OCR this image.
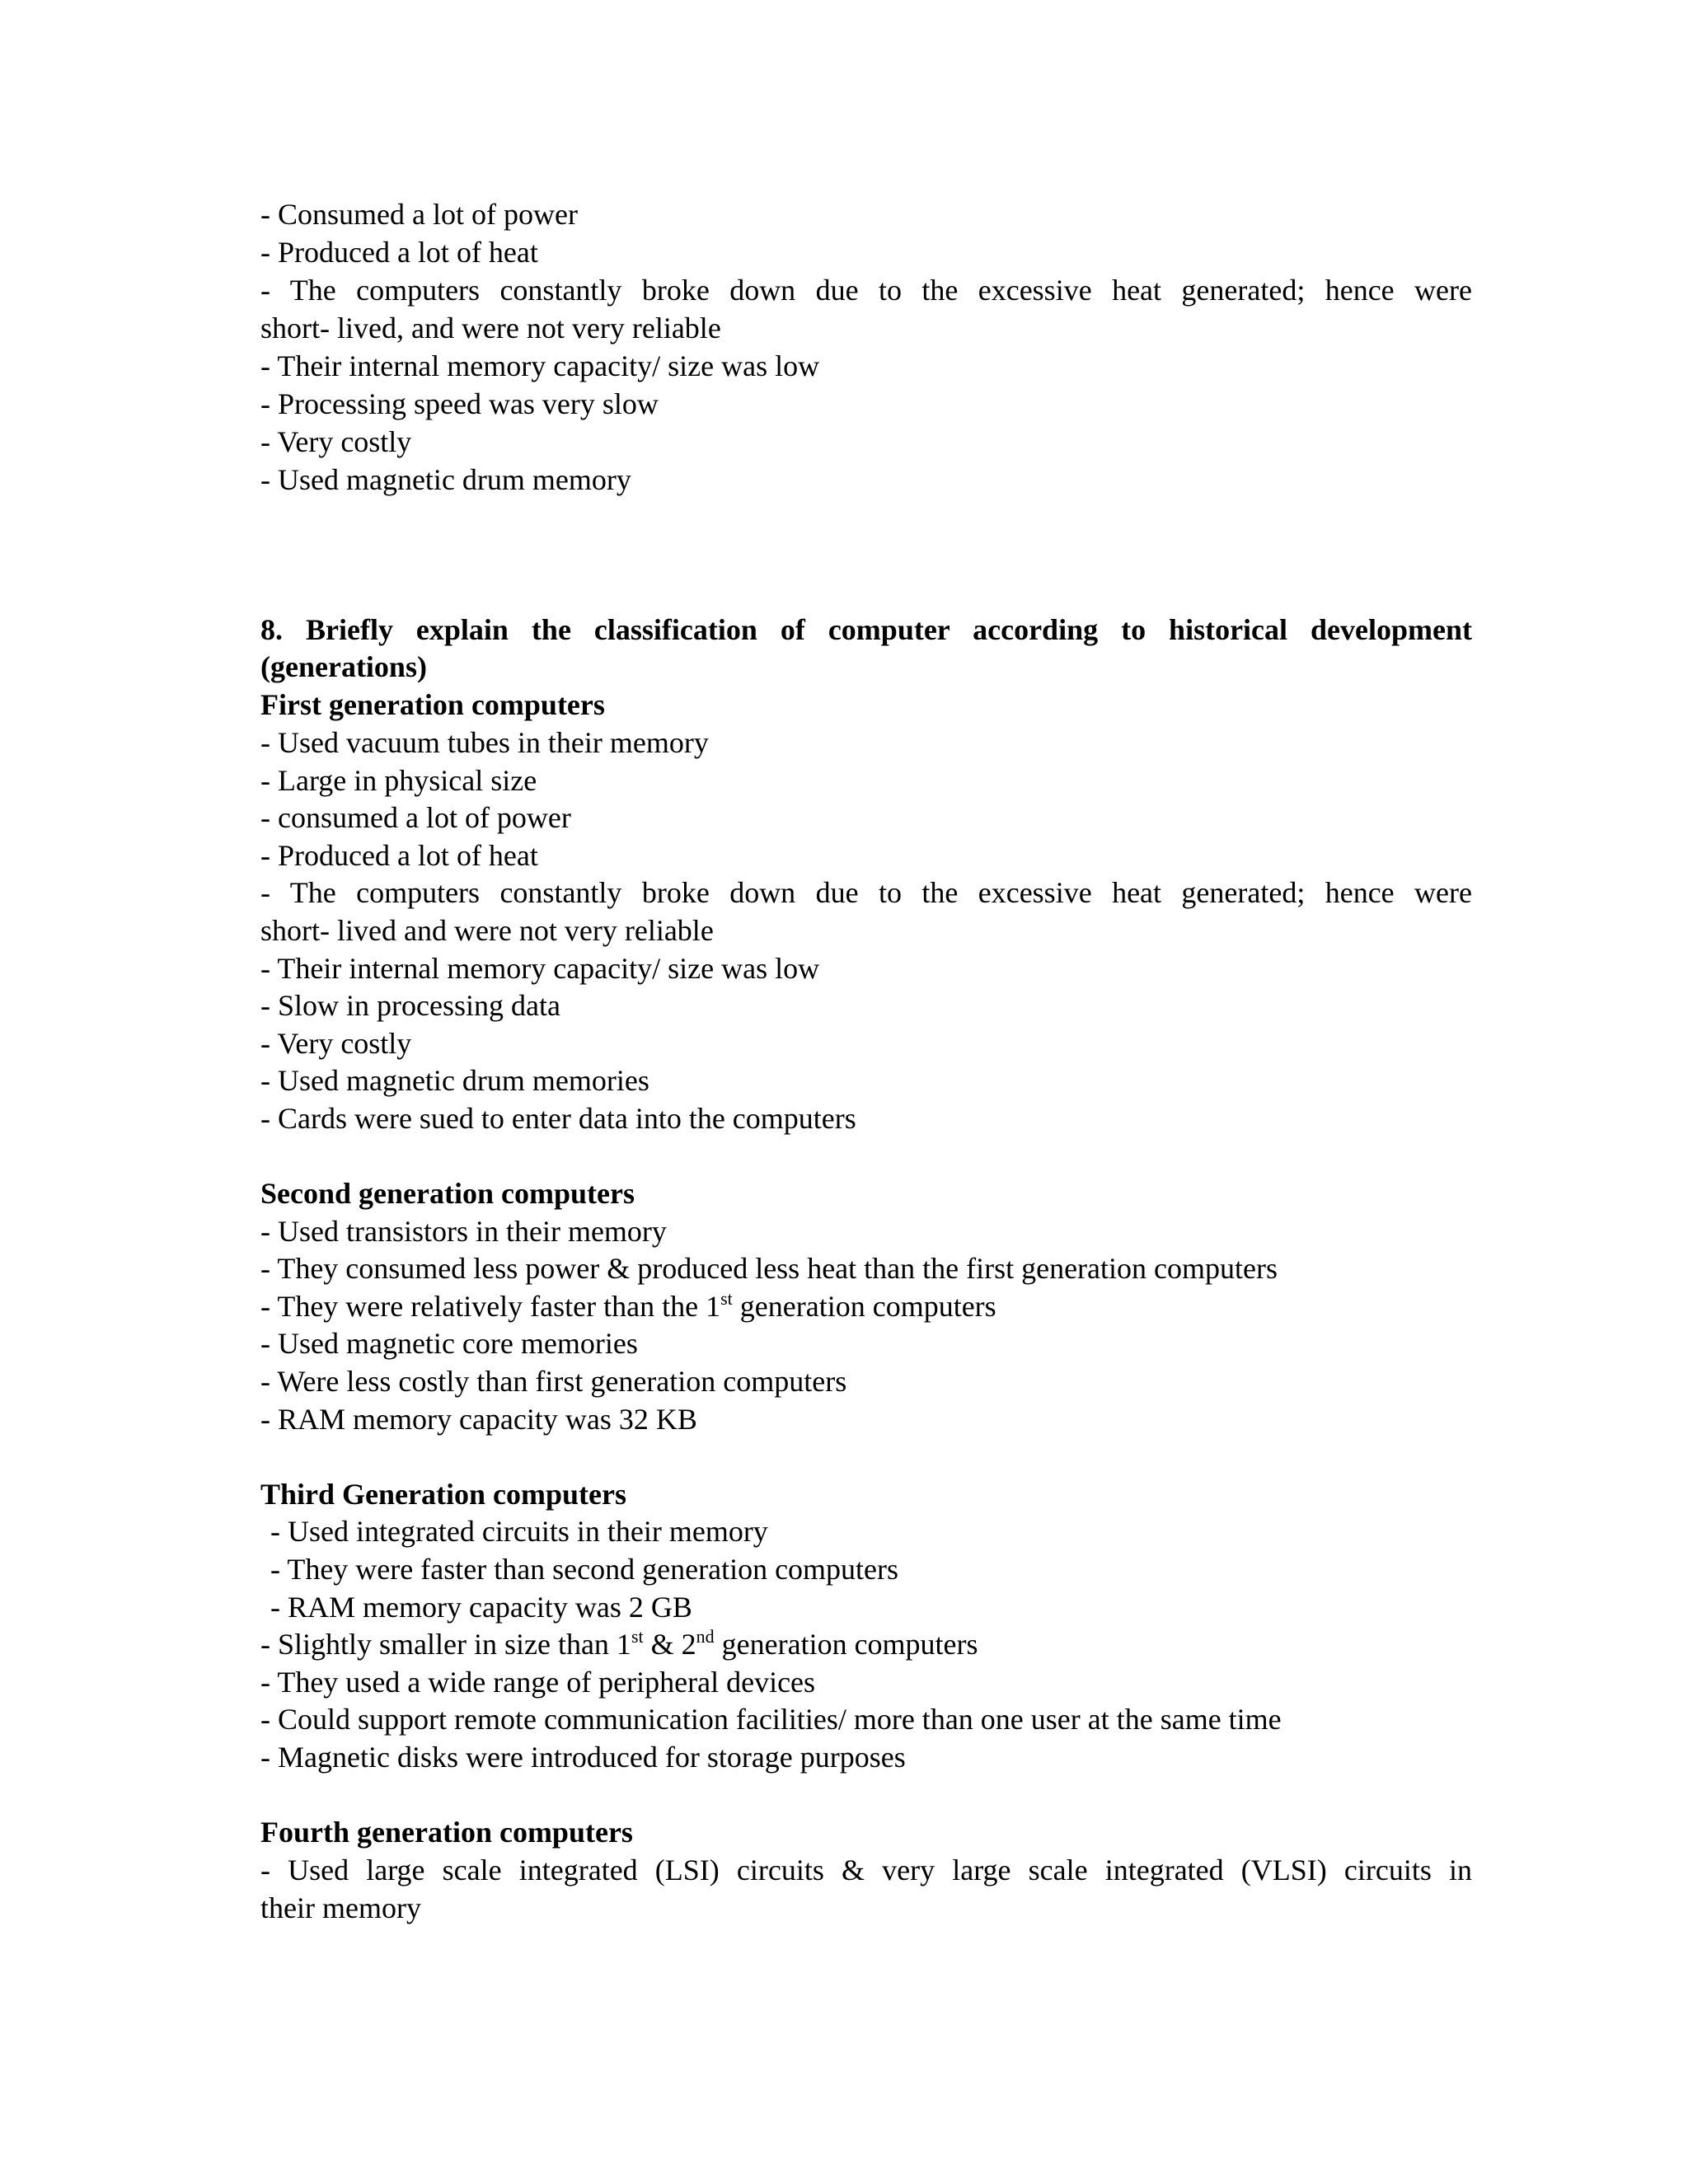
- Consumed a lot of power
- Produced a lot of heat
- The computers constantly broke down due to the excessive heat generated; hence were
short- lived, and were not very reliable
- Their internal memory capacity/ size was low
- Processing speed was very slow
- Very costly
- Used magnetic drum memory
8. Briefly explain the classification of computer according to historical development
(generations)
First generation computers
- Used vacuum tubes in their memory
- Large in physical size
- consumed a lot of power
- Produced a lot of heat
- The computers constantly broke down due to the excessive heat generated; hence were
short- lived and were not very reliable
- Their internal memory capacity/ size was low
- Slow in processing data
- Very costly
- Used magnetic drum memories
- Cards were sued to enter data into the computers
Second generation computers
- Used transistors in their memory
- They consumed less power & produced less heat than the first generation computers
- They were relatively faster than the 1st generation computers
- Used magnetic core memories
- Were less costly than first generation computers
- RAM memory capacity was 32 KB
Third Generation computers
- Used integrated circuits in their memory
- They were faster than second generation computers
- RAM memory capacity was 2 GB
- Slightly smaller in size than 1st & 2nd generation computers
- They used a wide range of peripheral devices
- Could support remote communication facilities/ more than one user at the same time
- Magnetic disks were introduced for storage purposes
Fourth generation computers
- Used large scale integrated (LSI) circuits & very large scale integrated (VLSI) circuits in
their memory
